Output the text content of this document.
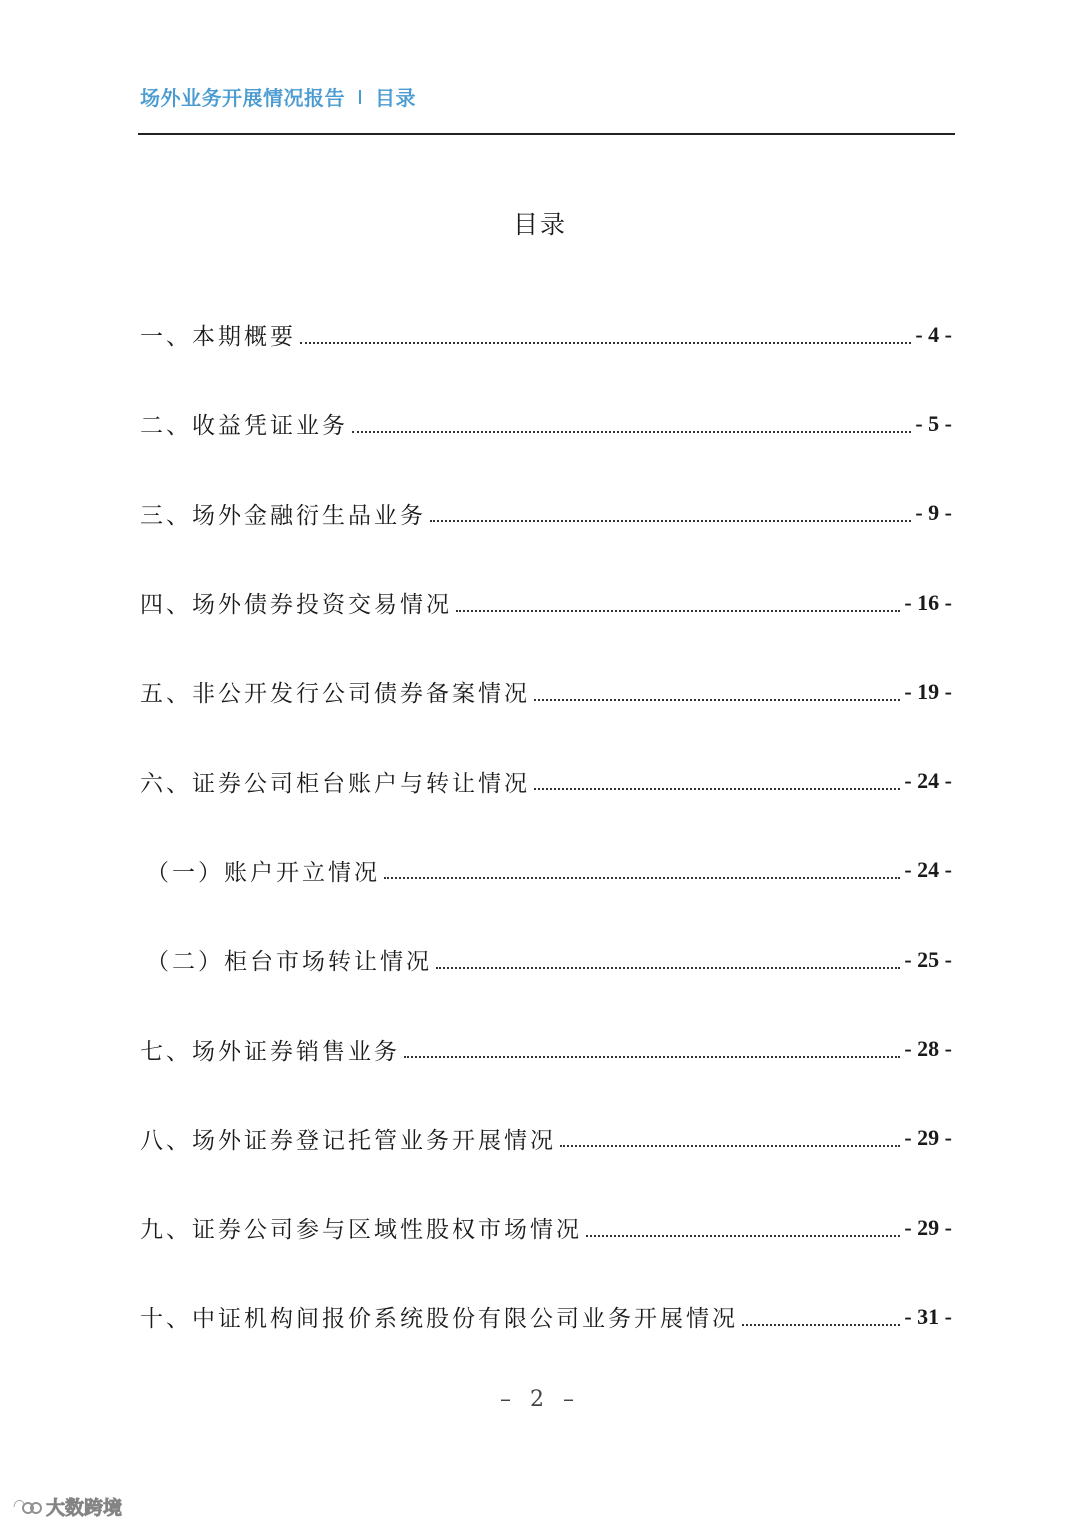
场外业务开展情况报告 目录
目录
一、本期概要	- 4 -
二、收益凭证业务	- 5 -
三、场外金融衍生品业务	- 9 -
四、场外债券投资交易情况	- 16 -
五、非公开发行公司债券备案情况	- 19 -
六、证券公司柜台账户与转让情况	- 24 -
（一）账户开立情况	- 24 -
（二）柜台市场转让情况	- 25 -
七、场外证券销售业务	- 28 -
八、场外证券登记托管业务开展情况	- 29 -
九、证券公司参与区域性股权市场情况	- 29 -
十、中证机构间报价系统股份有限公司业务开展情况	- 31 -
– 2 –
大数跨境
